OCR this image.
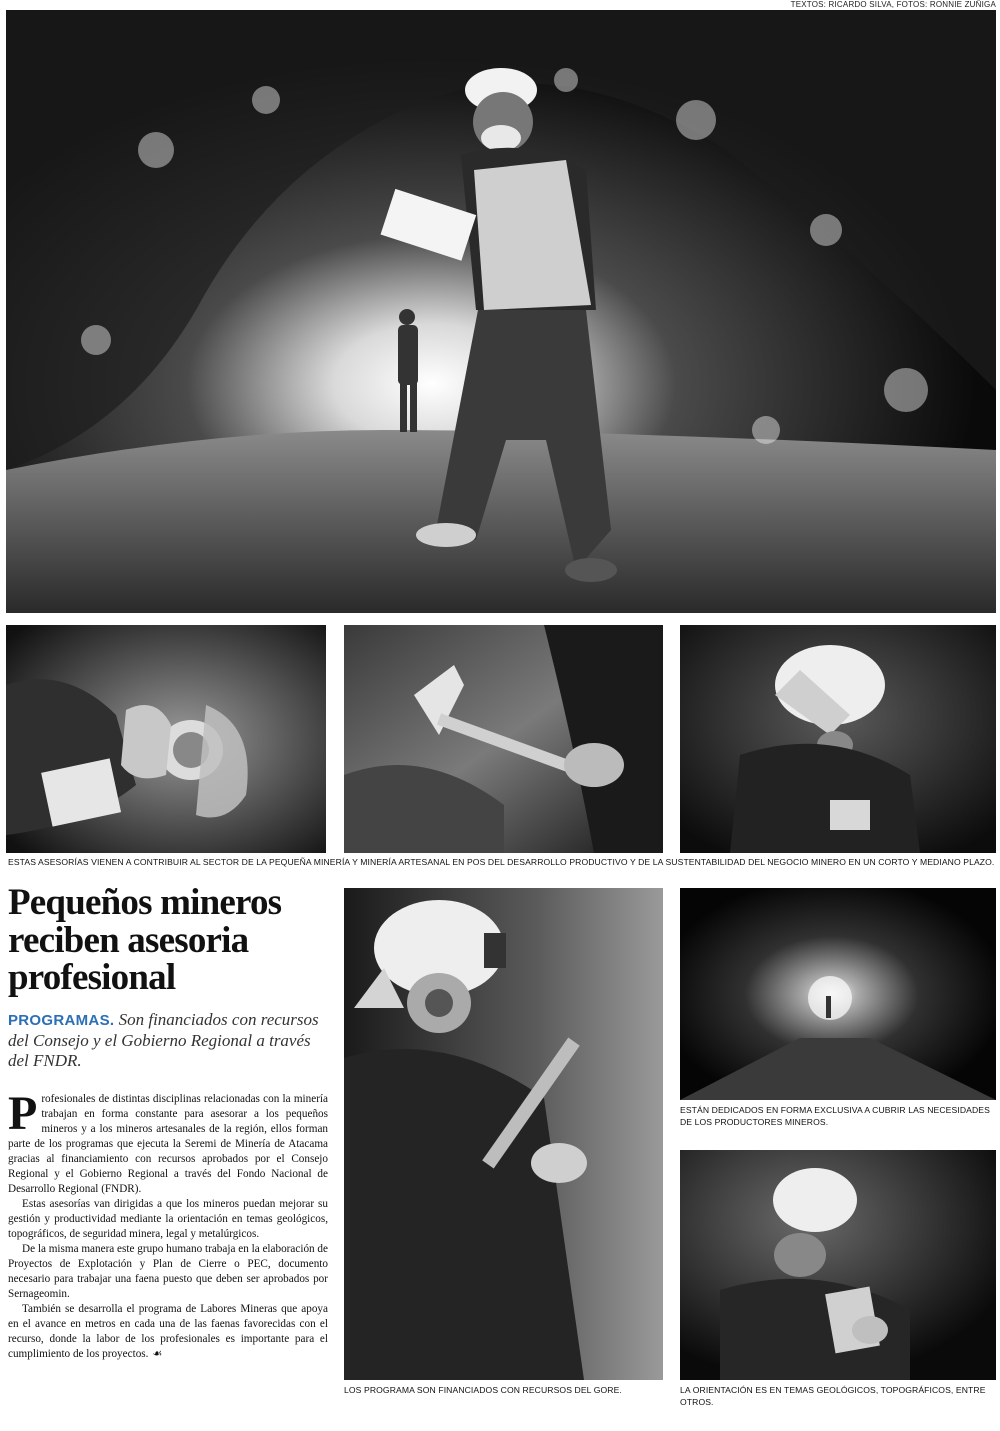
TEXTOS: RICARDO SILVA, FOTOS: RONNIE ZUÑIGA
ESTAS ASESORÍAS VIENEN A CONTRIBUIR AL SECTOR DE LA PEQUEÑA MINERÍA Y MINERÍA ARTESANAL EN POS DEL DESARROLLO PRODUCTIVO Y DE LA SUSTENTABILIDAD DEL NEGOCIO MINERO EN UN CORTO Y MEDIANO PLAZO.
Pequeños mineros reciben asesoria profesional
PROGRAMAS. Son financiados con recursos del Consejo y el Gobierno Regional a través del FNDR.

Profesionales de distintas disciplinas relacionadas con la minería trabajan en forma constante para asesorar a los pequeños mineros y a los mineros artesanales de la región, ellos forman parte de los programas que ejecuta la Seremi de Minería de Atacama gracias al financiamiento con recursos aprobados por el Consejo Regional y el Gobierno Regional a través del Fondo Nacional de Desarrollo Regional (FNDR).

Estas asesorías van dirigidas a que los mineros puedan mejorar su gestión y productividad mediante la orientación en temas geológicos, topográficos, de seguridad minera, legal y metalúrgicos.

De la misma manera este grupo humano trabaja en la elaboración de Proyectos de Explotación y Plan de Cierre o PEC, documento necesario para trabajar una faena puesto que deben ser aprobados por Sernageomin.

También se desarrolla el programa de Labores Mineras que apoya en el avance en metros en cada una de las faenas favorecidas con el recurso, donde la labor de los profesionales es importante para el cumplimiento de los proyectos. ☙

ESTÁN DEDICADOS EN FORMA EXCLUSIVA A CUBRIR LAS NECESIDADES DE LOS PRODUCTORES MINEROS.
LOS PROGRAMA SON FINANCIADOS CON RECURSOS DEL GORE.	LA ORIENTACIÓN ES EN TEMAS GEOLÓGICOS, TOPOGRÁFICOS, ENTRE OTROS.
